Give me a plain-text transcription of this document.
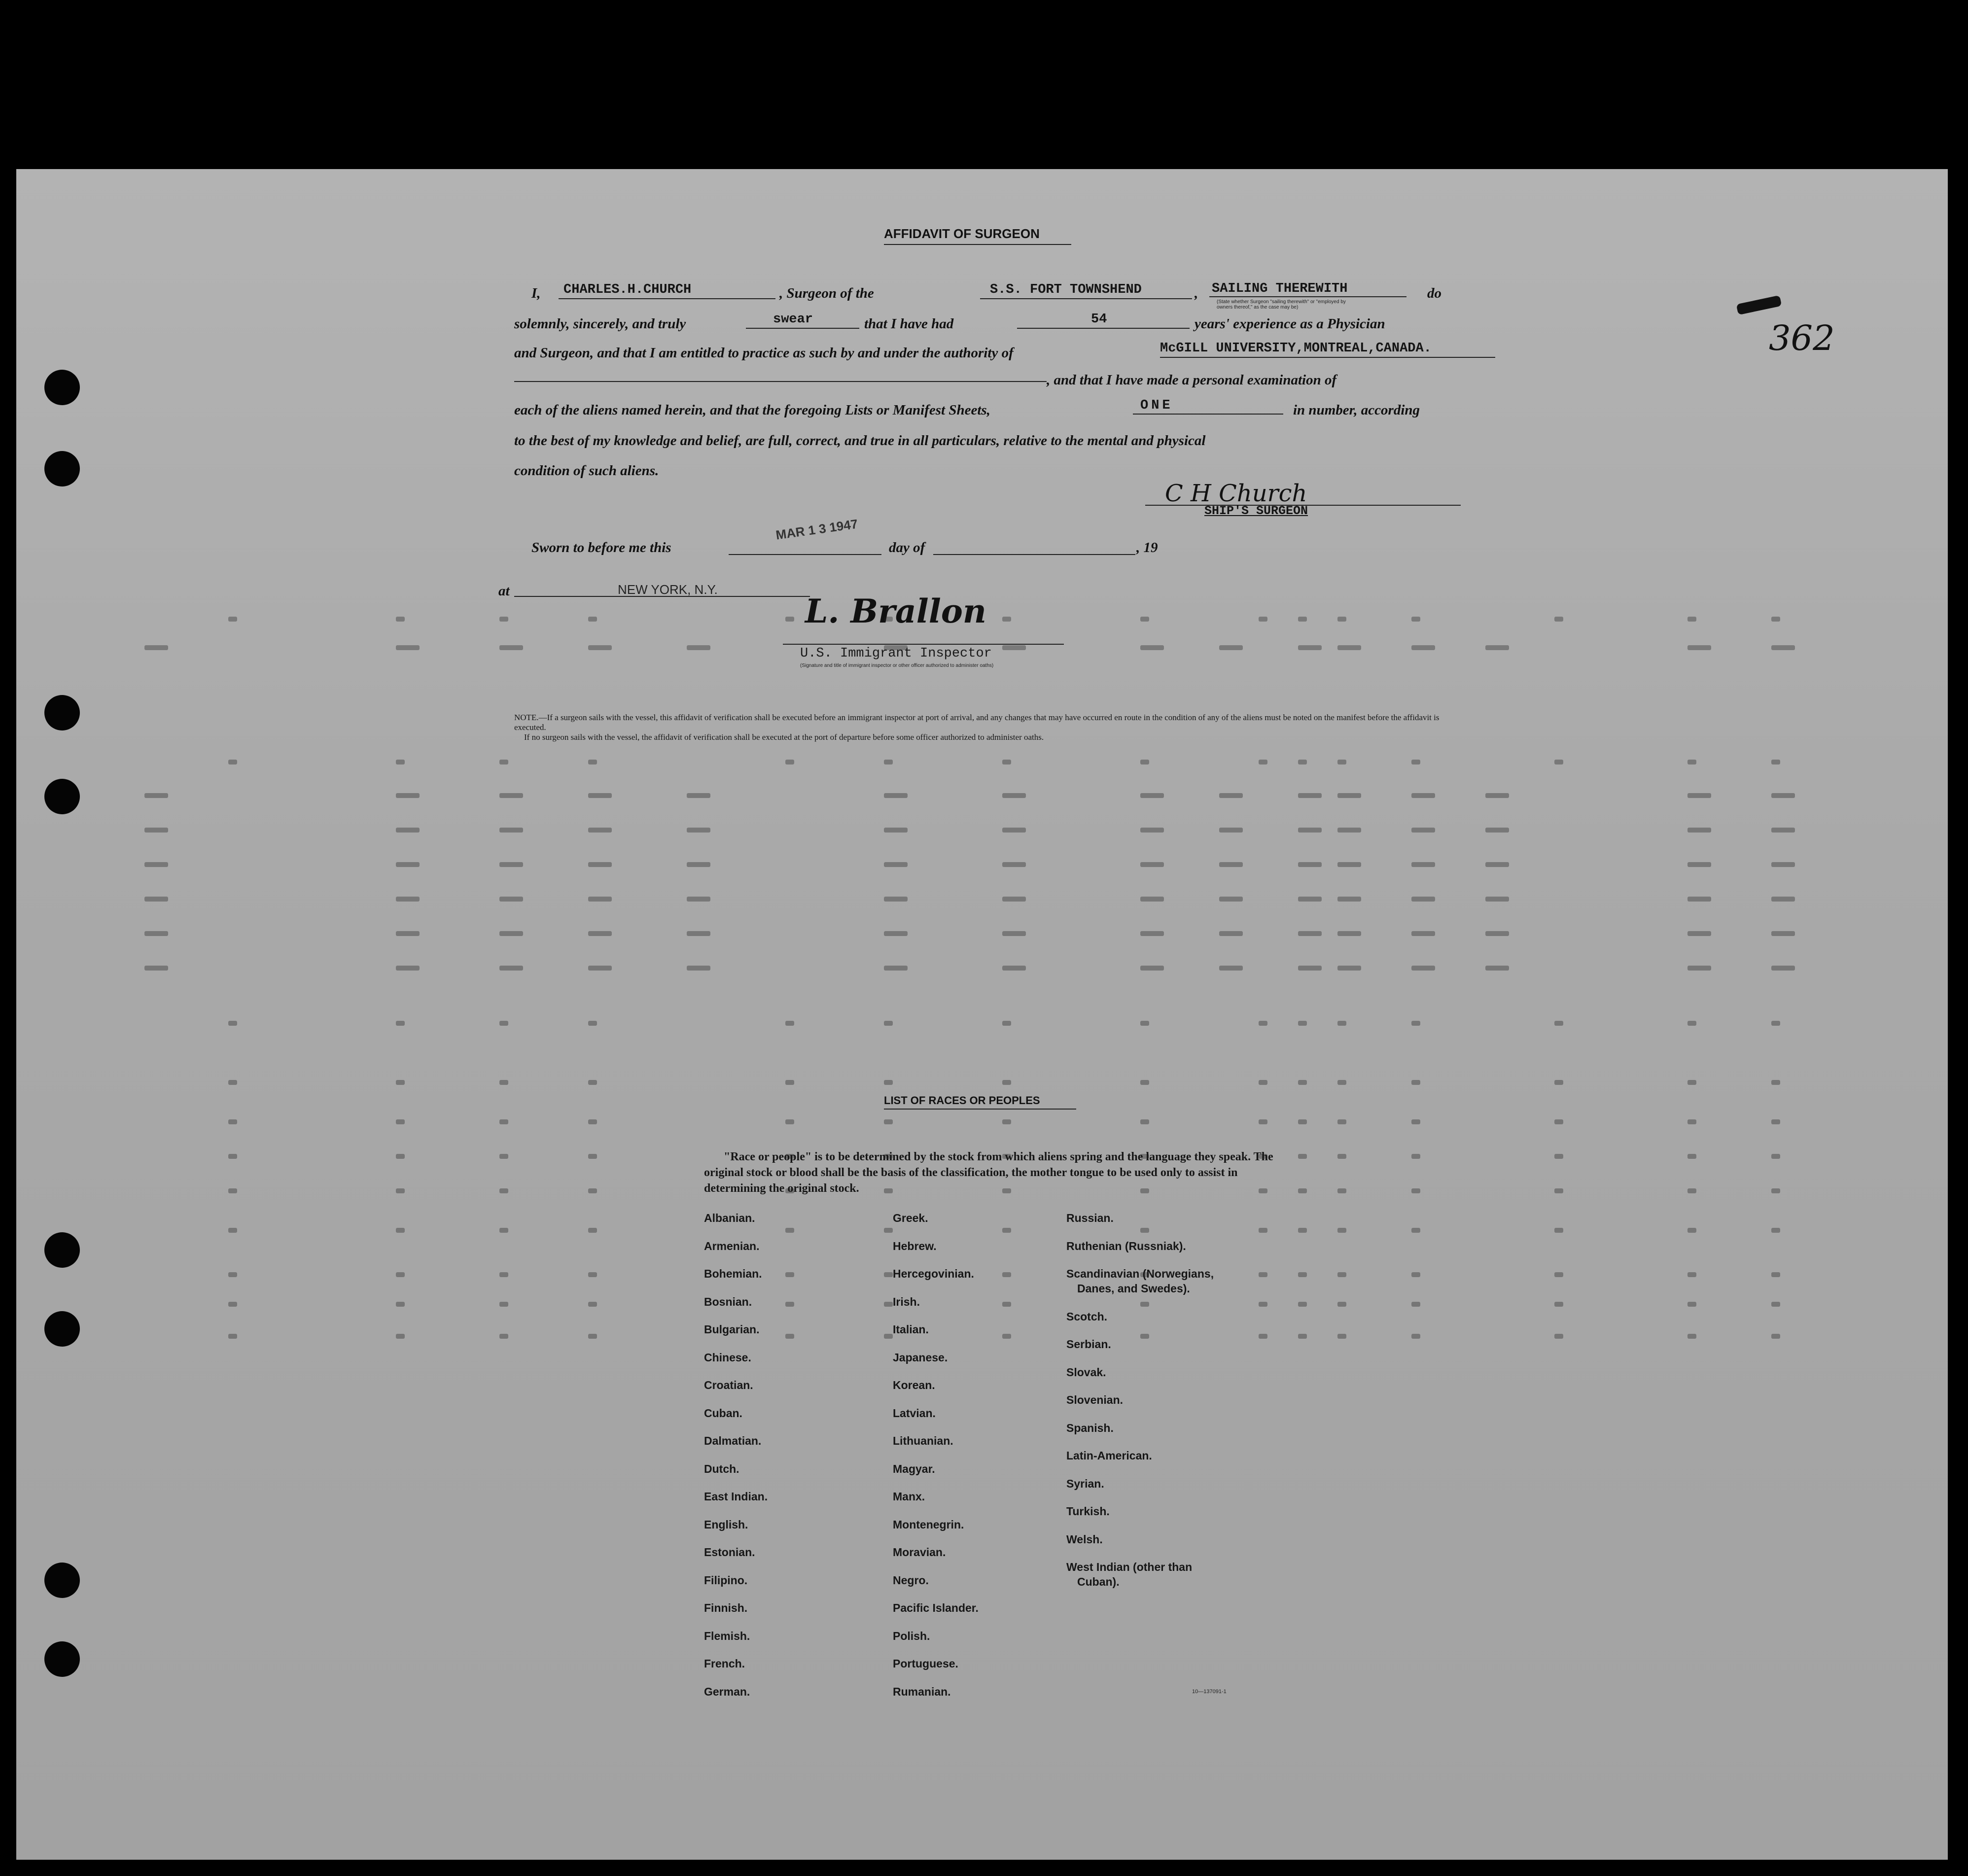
AFFIDAVIT OF SURGEON
I, CHARLES.H.CHURCH	, Surgeon of the	S.S. FORT TOWNSHEND	, SAILING THEREWITH
(State whether Surgeon "sailing therewith" or "employed by
owners thereof," as the case may be)
do
solemnly, sincerely, and truly	swear	that I have had	54	years' experience as a Physician
and Surgeon, and that I am entitled to practice as such by and under the authority of	McGILL UNIVERSITY,MONTREAL,CANADA.
, and that I have made a personal examination of
each of the aliens named herein, and that the foregoing Lists or Manifest Sheets,	ONE	in number, according
to the best of my knowledge and belief, are full, correct, and true in all particulars, relative to the mental and physical
condition of such aliens.
C H Church
SHIP'S SURGEON
Sworn to before me this
MAR 1 3 1947
day of	, 19
at	NEW YORK, N.Y.
L. Brallon
U.S. Immigrant Inspector
(Signature and title of immigrant inspector or other officer authorized to administer oaths)
NOTE.—If a surgeon sails with the vessel, this affidavit of verification shall be executed before an immigrant inspector at port of arrival, and any changes that may have occurred en route in the condition of any of the aliens must be noted on the manifest before the affidavit is executed.
If no surgeon sails with the vessel, the affidavit of verification shall be executed at the port of departure before some officer authorized to administer oaths.
LIST OF RACES OR PEOPLES
"Race or people" is to be determined by the stock from which aliens spring and the language they speak. The original stock or blood shall be the basis of the classification, the mother tongue to be used only to assist in determining the original stock.
Albanian.
Armenian.
Bohemian.
Bosnian.
Bulgarian.
Chinese.
Croatian.
Cuban.
Dalmatian.
Dutch.
East Indian.
English.
Estonian.
Filipino.
Finnish.
Flemish.
French.
German.
Greek.
Hebrew.
Hercegovinian.
Irish.
Italian.
Japanese.
Korean.
Latvian.
Lithuanian.
Magyar.
Manx.
Montenegrin.
Moravian.
Negro.
Pacific Islander.
Polish.
Portuguese.
Rumanian.
Russian.
Ruthenian (Russniak).
Scandinavian (Norwegians,
Danes, and Swedes).
Scotch.
Serbian.
Slovak.
Slovenian.
Spanish.
Latin-American.
Syrian.
Turkish.
Welsh.
West Indian (other than
Cuban).
10—137091-1
362
